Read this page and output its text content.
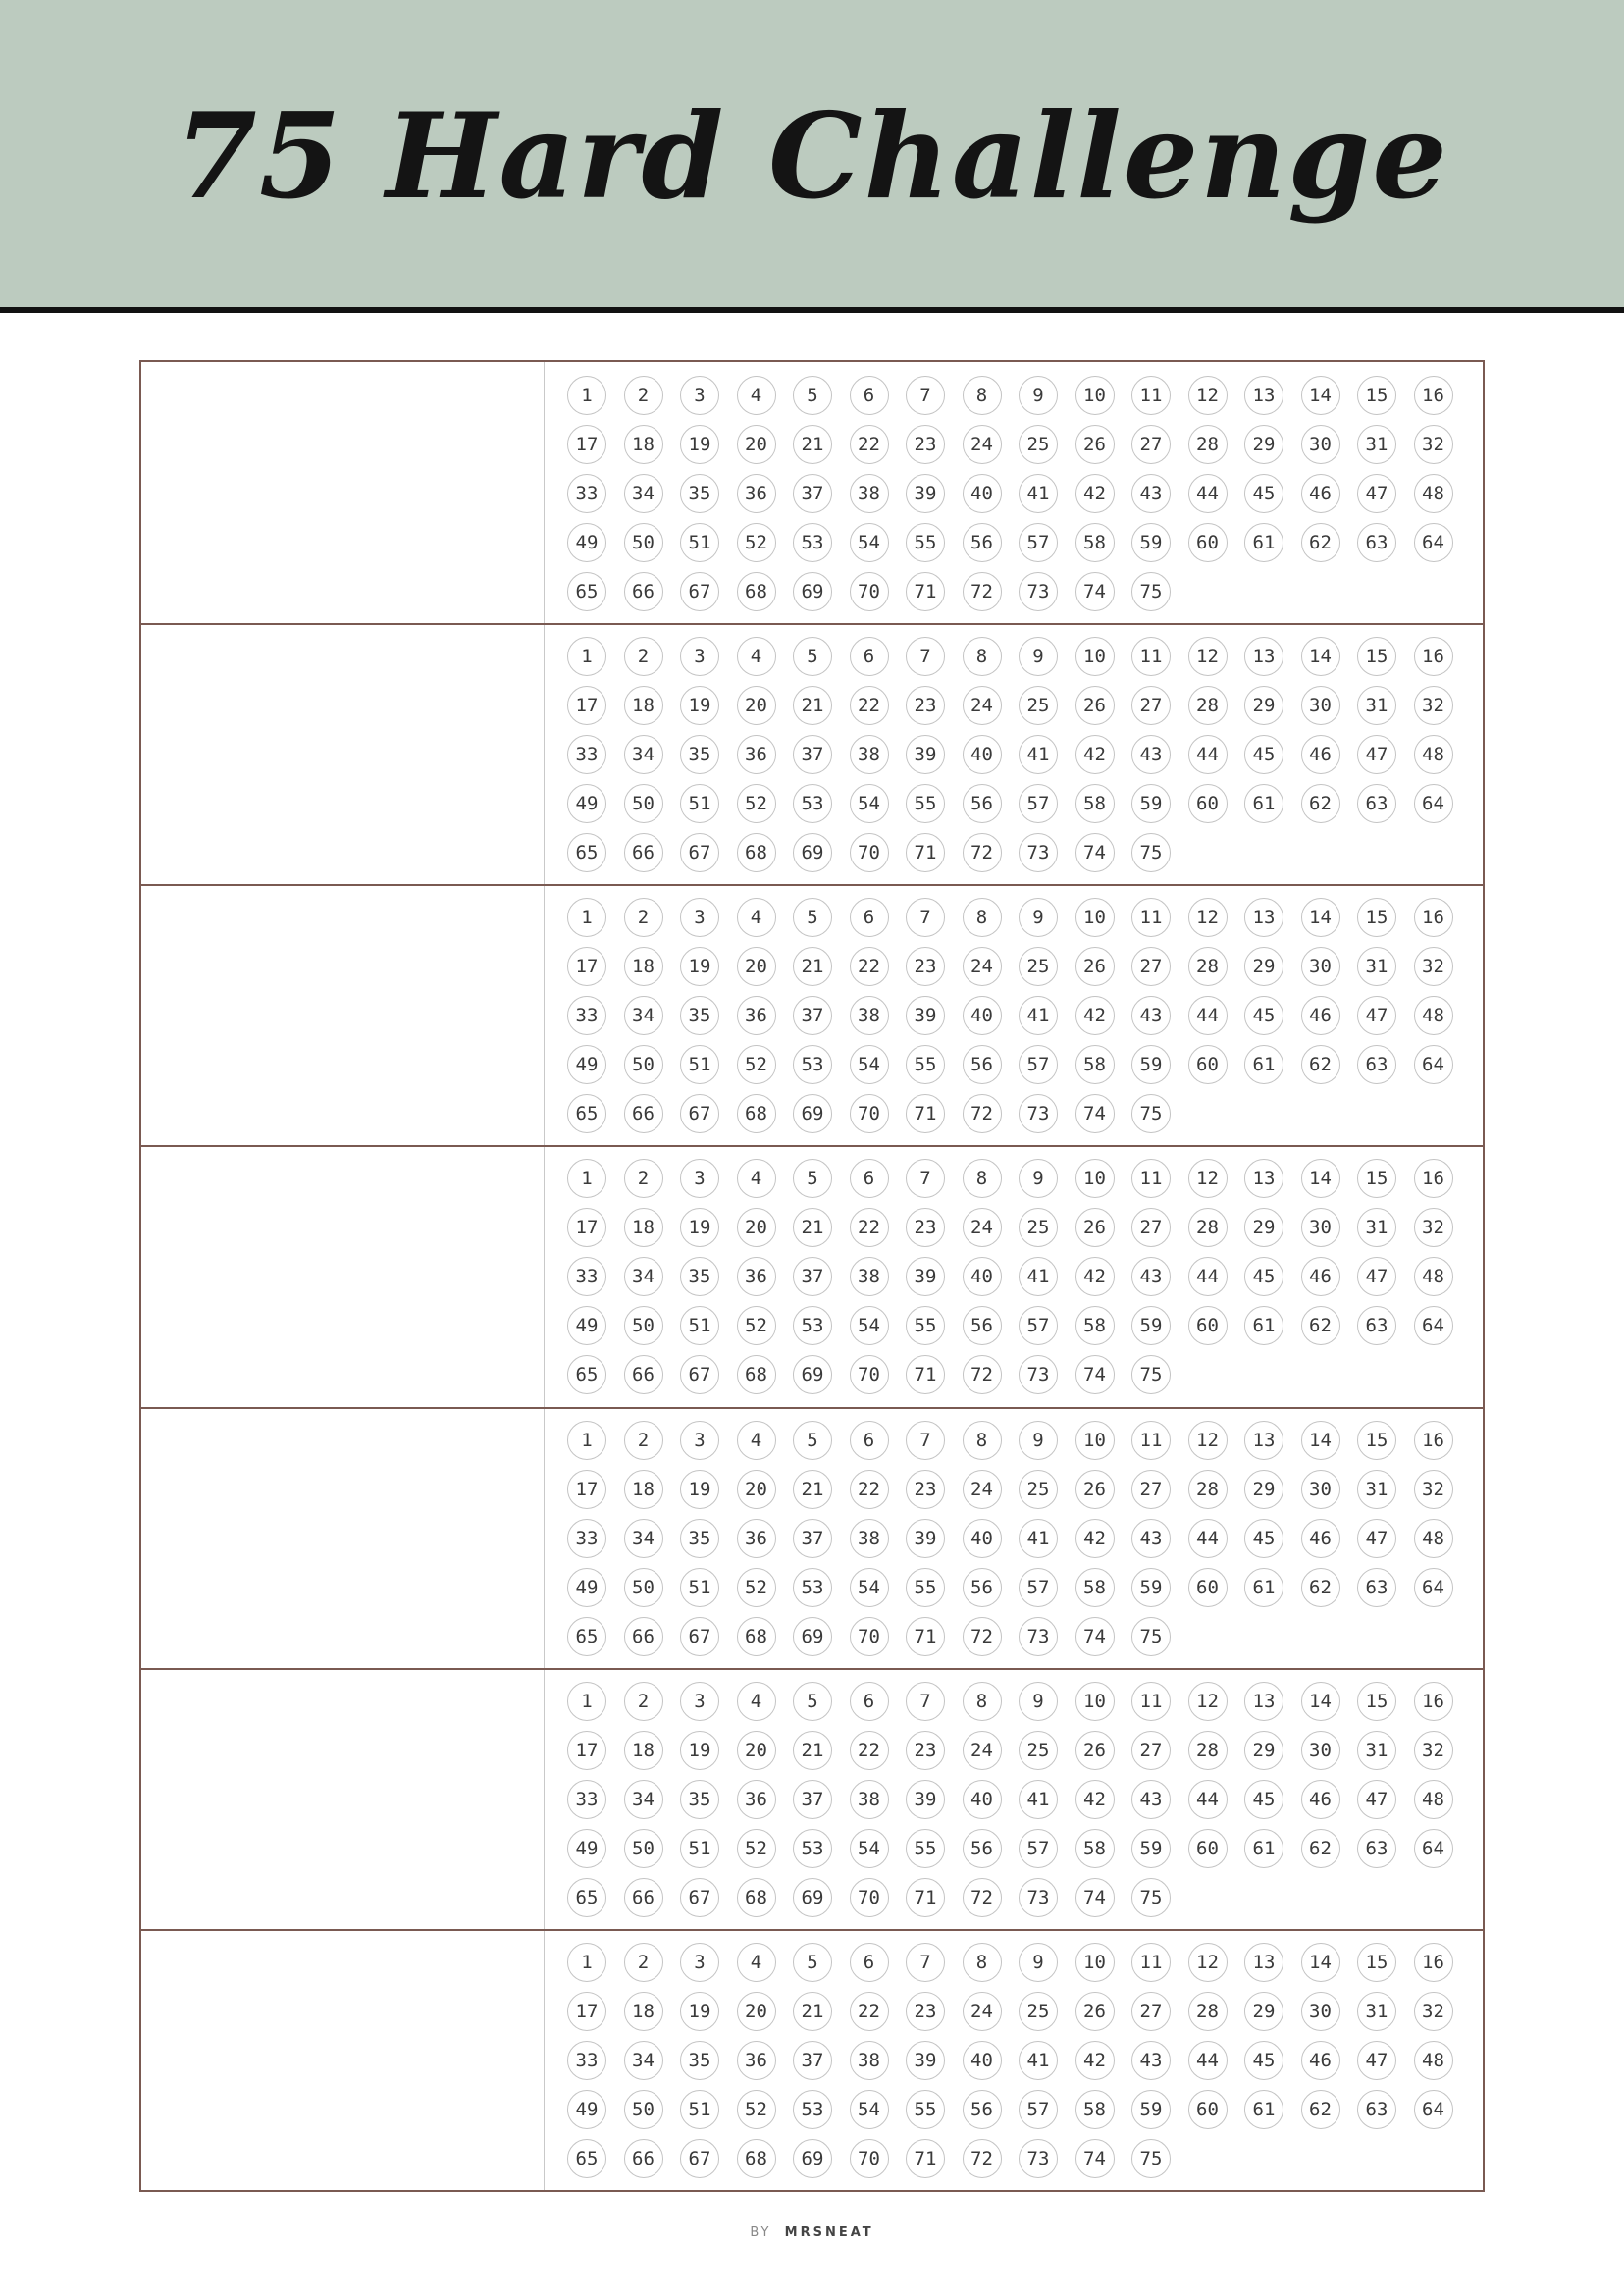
75 Hard Challenge
1	2	3	4	5	6	7	8	9	10	11	12	13	14	15	16
17	18	19	20	21	22	23	24	25	26	27	28	29	30	31	32
33	34	35	36	37	38	39	40	41	42	43	44	45	46	47	48
49	50	51	52	53	54	55	56	57	58	59	60	61	62	63	64
65	66	67	68	69	70	71	72	73	74	75
1	2	3	4	5	6	7	8	9	10	11	12	13	14	15	16
17	18	19	20	21	22	23	24	25	26	27	28	29	30	31	32
33	34	35	36	37	38	39	40	41	42	43	44	45	46	47	48
49	50	51	52	53	54	55	56	57	58	59	60	61	62	63	64
65	66	67	68	69	70	71	72	73	74	75
1	2	3	4	5	6	7	8	9	10	11	12	13	14	15	16
17	18	19	20	21	22	23	24	25	26	27	28	29	30	31	32
33	34	35	36	37	38	39	40	41	42	43	44	45	46	47	48
49	50	51	52	53	54	55	56	57	58	59	60	61	62	63	64
65	66	67	68	69	70	71	72	73	74	75
1	2	3	4	5	6	7	8	9	10	11	12	13	14	15	16
17	18	19	20	21	22	23	24	25	26	27	28	29	30	31	32
33	34	35	36	37	38	39	40	41	42	43	44	45	46	47	48
49	50	51	52	53	54	55	56	57	58	59	60	61	62	63	64
65	66	67	68	69	70	71	72	73	74	75
1	2	3	4	5	6	7	8	9	10	11	12	13	14	15	16
17	18	19	20	21	22	23	24	25	26	27	28	29	30	31	32
33	34	35	36	37	38	39	40	41	42	43	44	45	46	47	48
49	50	51	52	53	54	55	56	57	58	59	60	61	62	63	64
65	66	67	68	69	70	71	72	73	74	75
1	2	3	4	5	6	7	8	9	10	11	12	13	14	15	16
17	18	19	20	21	22	23	24	25	26	27	28	29	30	31	32
33	34	35	36	37	38	39	40	41	42	43	44	45	46	47	48
49	50	51	52	53	54	55	56	57	58	59	60	61	62	63	64
65	66	67	68	69	70	71	72	73	74	75
1	2	3	4	5	6	7	8	9	10	11	12	13	14	15	16
17	18	19	20	21	22	23	24	25	26	27	28	29	30	31	32
33	34	35	36	37	38	39	40	41	42	43	44	45	46	47	48
49	50	51	52	53	54	55	56	57	58	59	60	61	62	63	64
65	66	67	68	69	70	71	72	73	74	75
BY MRSNEAT
